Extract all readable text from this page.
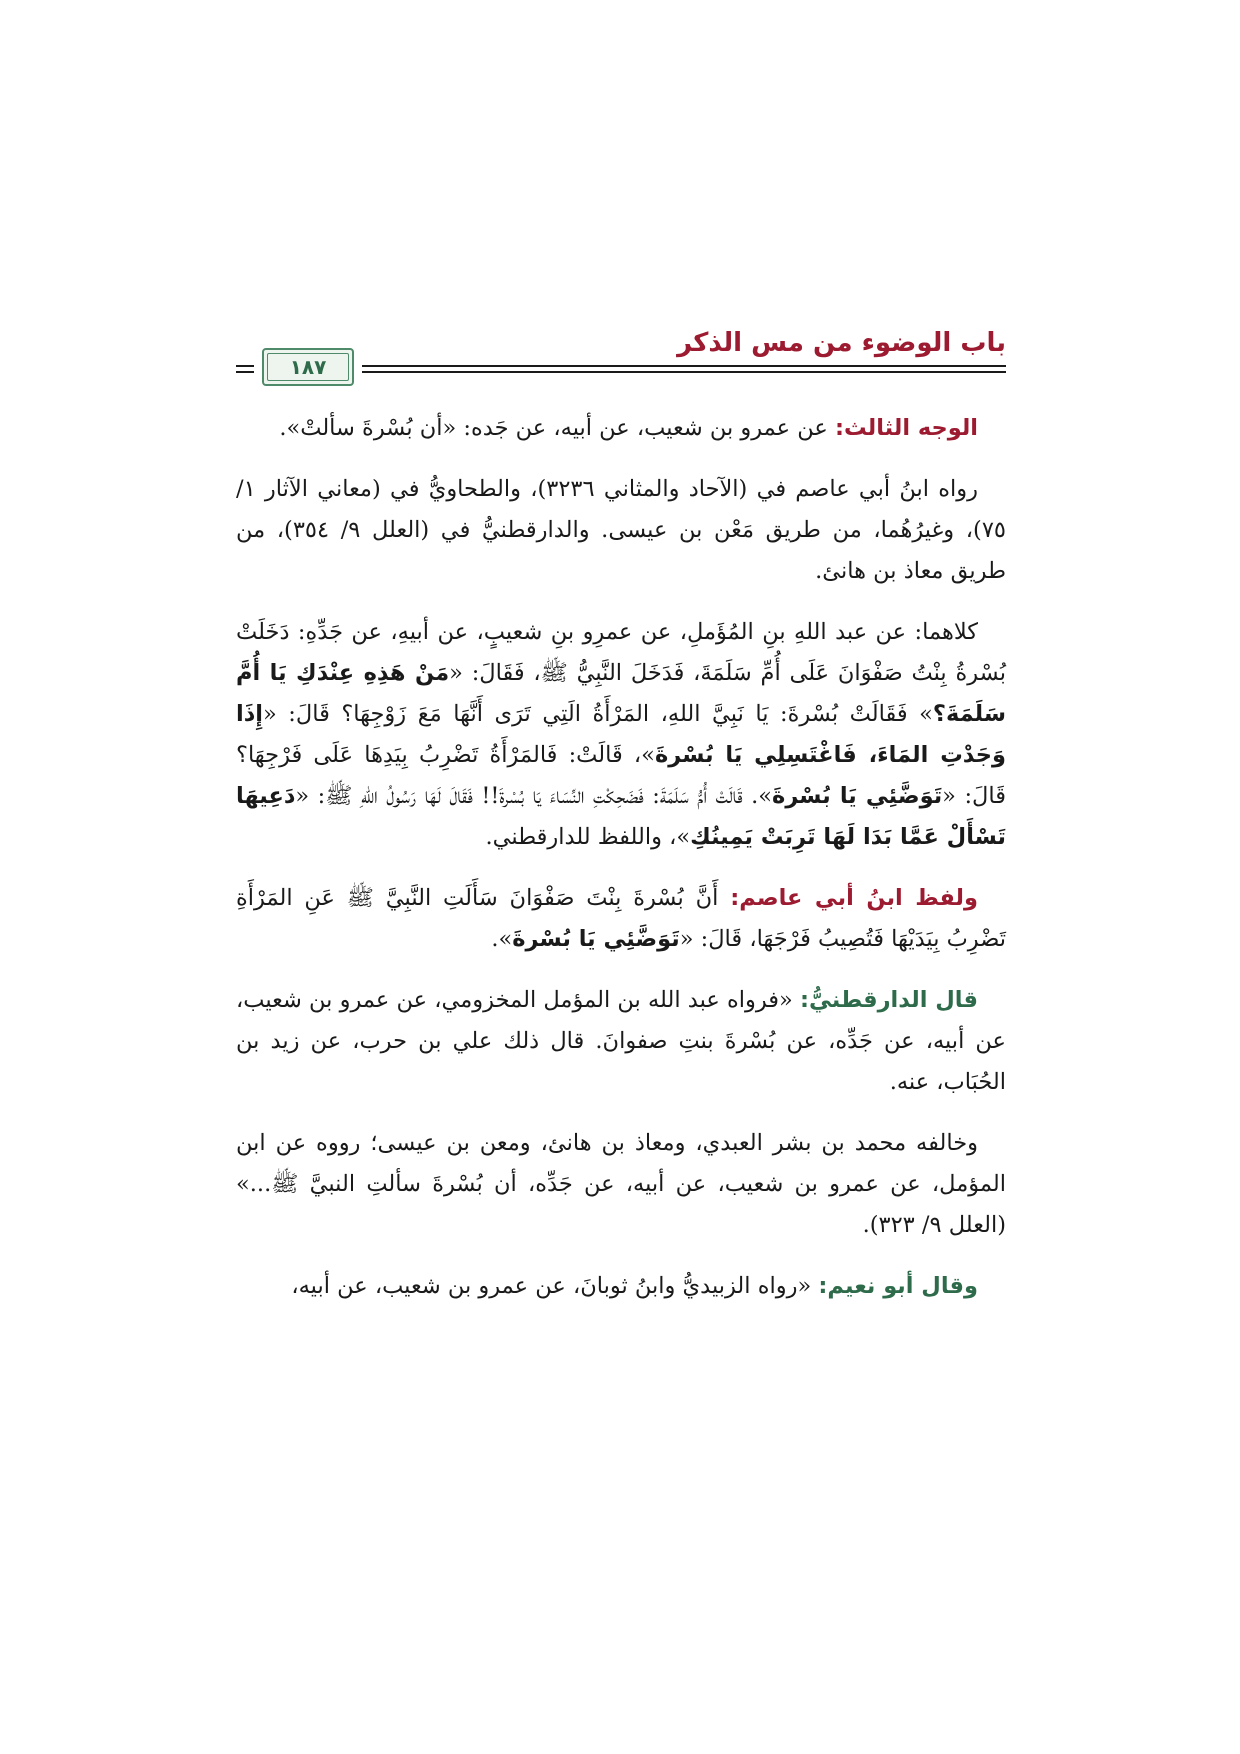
١٨٧
باب الوضوء من مس الذكر

الوجه الثالث: عن عمرو بن شعيب، عن أبيه، عن جَده: «أن بُسْرةَ سألتْ».

رواه ابنُ أبي عاصم في (الآحاد والمثاني ٣٢٣٦)، والطحاويُّ في (معاني الآثار ١/ ٧٥)، وغيرُهُما، من طريق مَعْن بن عيسى. والدارقطنيُّ في (العلل ٩/ ٣٥٤)، من طريق معاذ بن هانئ.

كلاهما: عن عبد اللهِ بنِ المُؤَملِ، عن عمرِو بنِ شعيبٍ، عن أبيهِ، عن جَدِّهِ: دَخَلَتْ بُسْرةُ بِنْتُ صَفْوَانَ عَلَى أُمِّ سَلَمَةَ، فَدَخَلَ النَّبِيُّ ﷺ، فَقَالَ: «مَنْ هَذِهِ عِنْدَكِ يَا أُمَّ سَلَمَةَ؟» فَقَالَتْ بُسْرةَ: يَا نَبِيَّ اللهِ، المَرْأَةُ الَتِي تَرَى أَنَّهَا مَعَ زَوْجِهَا؟ قَالَ: «إِذَا وَجَدْتِ المَاءَ، فَاغْتَسِلِي يَا بُسْرةَ»، قَالَتْ: فَالمَرْأَةُ تَضْرِبُ بِيَدِهَا عَلَى فَرْجِهَا؟ قَالَ: «تَوَضَّئِي يَا بُسْرةَ». قَالَتْ أُمُّ سَلَمَةَ: فَضَحِكْتِ النِّسَاءَ يَا بُسْرةَ!! فَقَالَ لَهَا رَسُولُ اللهِ ﷺ: «دَعِيهَا تَسْأَلْ عَمَّا بَدَا لَهَا تَرِبَتْ يَمِينُكِ»، واللفظ للدارقطني.

ولفظ ابنُ أبي عاصم: أَنَّ بُسْرةَ بِنْتَ صَفْوَانَ سَأَلَتِ النَّبِيَّ ﷺ عَنِ المَرْأَةِ تَضْرِبُ بِيَدَيْهَا فَتُصِيبُ فَرْجَهَا، قَالَ: «تَوَضَّئِي يَا بُسْرةَ».

قال الدارقطنيُّ: «فرواه عبد الله بن المؤمل المخزومي، عن عمرو بن شعيب، عن أبيه، عن جَدِّه، عن بُسْرةَ بنتِ صفوانَ. قال ذلك علي بن حرب، عن زيد بن الحُبَاب، عنه.

وخالفه محمد بن بشر العبدي، ومعاذ بن هانئ، ومعن بن عيسى؛ رووه عن ابن المؤمل، عن عمرو بن شعيب، عن أبيه، عن جَدِّه، أن بُسْرةَ سألتِ النبيَّ ﷺ...» (العلل ٩/ ٣٢٣).

وقال أبو نعيم: «رواه الزبيديُّ وابنُ ثوبانَ، عن عمرو بن شعيب، عن أبيه،
